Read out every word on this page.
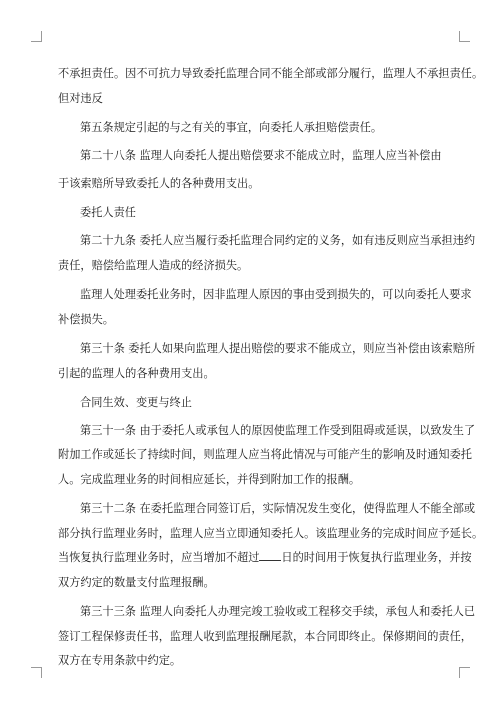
不承担责任。因不可抗力导致委托监理合同不能全部或部分履行，监理人不承担责任。
但对违反
第五条规定引起的与之有关的事宜，向委托人承担赔偿责任。
第二十八条 监理人向委托人提出赔偿要求不能成立时，监理人应当补偿由
于该索赔所导致委托人的各种费用支出。
委托人责任
第二十九条 委托人应当履行委托监理合同约定的义务，如有违反则应当承担违约
责任，赔偿给监理人造成的经济损失。
监理人处理委托业务时，因非监理人原因的事由受到损失的，可以向委托人要求
补偿损失。
第三十条 委托人如果向监理人提出赔偿的要求不能成立，则应当补偿由该索赔所
引起的监理人的各种费用支出。
合同生效、变更与终止
第三十一条 由于委托人或承包人的原因使监理工作受到阻碍或延误，以致发生了
附加工作或延长了持续时间，则监理人应当将此情况与可能产生的影响及时通知委托
人。完成监理业务的时间相应延长，并得到附加工作的报酬。
第三十二条 在委托监理合同签订后，实际情况发生变化，使得监理人不能全部或
部分执行监理业务时，监理人应当立即通知委托人。该监理业务的完成时间应予延长。
当恢复执行监理业务时，应当增加不超过 日的时间用于恢复执行监理业务，并按
双方约定的数量支付监理报酬。
第三十三条 监理人向委托人办理完竣工验收或工程移交手续，承包人和委托人已
签订工程保修责任书，监理人收到监理报酬尾款，本合同即终止。保修期间的责任，
双方在专用条款中约定。
